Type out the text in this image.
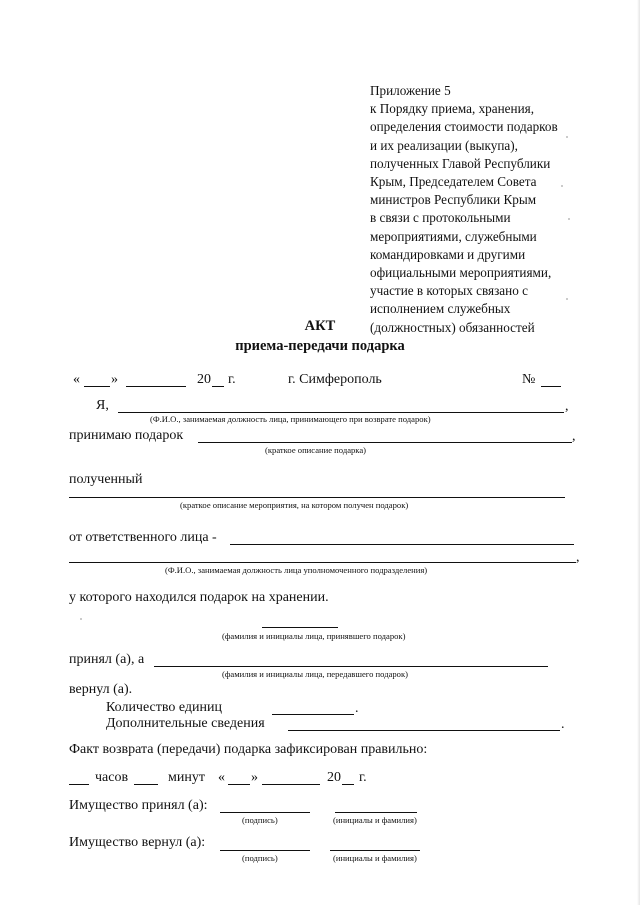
Приложение 5
к Порядку приема, хранения,
определения стоимости подарков
и их реализации (выкупа),
полученных Главой Республики
Крым, Председателем Совета
министров Республики Крым
в связи с протокольными
мероприятиями, служебными
командировками и другими
официальными мероприятиями,
участие в которых связано с
исполнением служебных
(должностных) обязанностей
АКТ
приема-передачи подарка
« »	20 г.	г. Симферополь	№
Я,	,
(Ф.И.О., занимаемая должность лица, принимающего при возврате подарок)
принимаю подарок	,
(краткое описание подарка)
полученный
(краткое описание мероприятия, на котором получен подарок)
от ответственного лица -
,
(Ф.И.О., занимаемая должность лица уполномоченного подразделения)
у которого находился подарок на хранении.
(фамилия и инициалы лица, принявшего подарок)
принял (а), а
(фамилия и инициалы лица, передавшего подарок)
вернул (а).
Количество единиц	.
Дополнительные сведения	.
Факт возврата (передачи) подарка зафиксирован правильно:
часов	минут « »	20 г.
Имущество принял (а):
(подпись)	(инициалы и фамилия)
Имущество вернул (а):
(подпись)	(инициалы и фамилия)
